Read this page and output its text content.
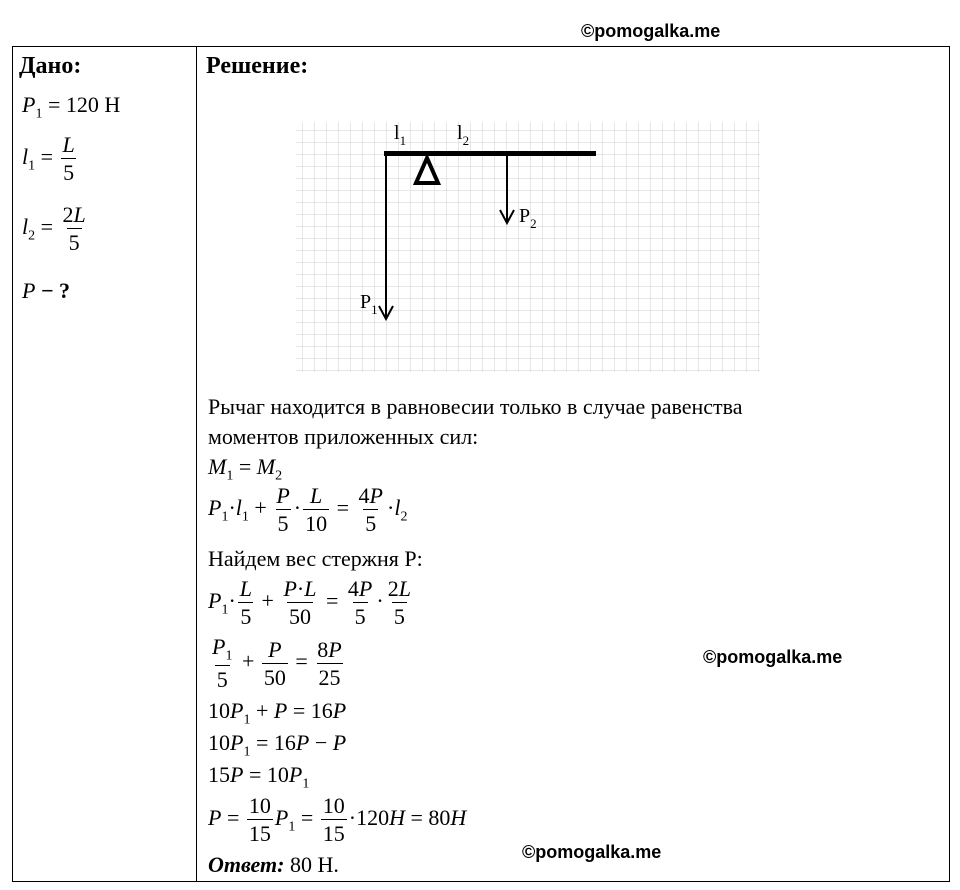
©pomogalka.me
Дано:
$P_1 = 120$ Н
$l_1 = \frac{L}{5}$
$l_2 = \frac{2L}{5}$
P − ?
Решение:
$l_1$	$l_2$
$P_2$
$P_1$
Рычаг находится в равновесии только в случае равенства
моментов приложенных сил:
$M_1 = M_2$
$P_1\cdot l_1 + \frac{P}{5} \cdot \frac{L}{10} = \frac{4P}{5} \cdot l_2$
Найдем вес стержня P:
$P_1\cdot \frac{L}{5} + \frac{P\cdot L}{50} = \frac{4P}{5} \cdot \frac{2L}{5}$
$\frac{P_1}{5} + \frac{P}{50} = \frac{8P}{25}$
$10P_1 + P = 16P$
$10P_1 = 16P - P$
$15P = 10P_1$
$P = \frac{10}{15} P_1 = \frac{10}{15} \cdot 120H = 80H$
Ответ: 80 Н.
©pomogalka.me
©pomogalka.me
